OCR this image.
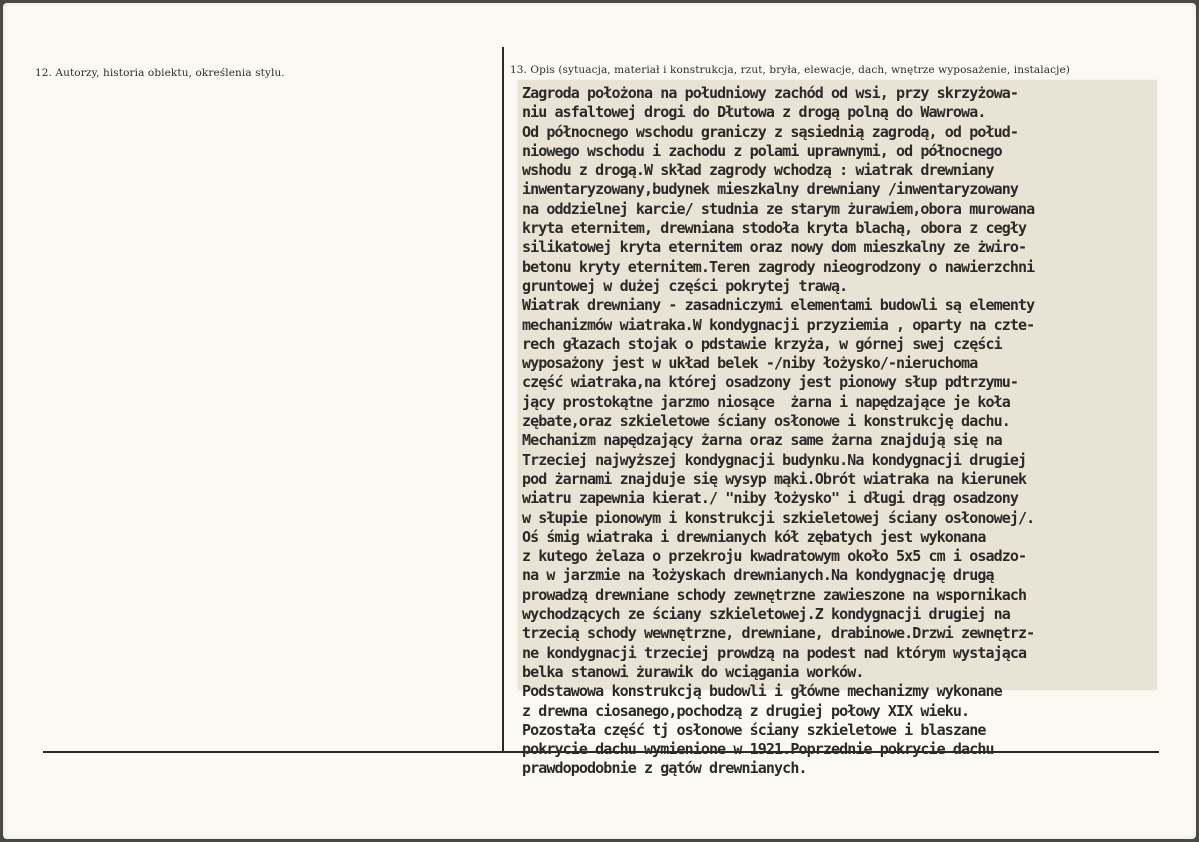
12. Autorzy, historia obiektu, określenia stylu.	13. Opis (sytuacja, materiał i konstrukcja, rzut, bryła, elewacje, dach, wnętrze wyposażenie, instalacje)
Zagroda położona na południowy zachód od wsi, przy skrzyżowa-
niu asfaltowej drogi do Dłutowa z drogą polną do Wawrowa.
Od północnego wschodu graniczy z sąsiednią zagrodą, od połud-
niowego wschodu i zachodu z polami uprawnymi, od północnego
wshodu z drogą.W skład zagrody wchodzą : wiatrak drewniany
inwentaryzowany,budynek mieszkalny drewniany /inwentaryzowany
na oddzielnej karcie/ studnia ze starym żurawiem,obora murowana
kryta eternitem, drewniana stodoła kryta blachą, obora z cegły
silikatowej kryta eternitem oraz nowy dom mieszkalny ze żwiro-
betonu kryty eternitem.Teren zagrody nieogrodzony o nawierzchni
gruntowej w dużej części pokrytej trawą.
Wiatrak drewniany - zasadniczymi elementami budowli są elementy
mechanizmów wiatraka.W kondygnacji przyziemia , oparty na czte-
rech głazach stojak o pdstawie krzyża, w górnej swej części
wyposażony jest w układ belek -/niby łożysko/-nieruchoma
część wiatraka,na której osadzony jest pionowy słup pdtrzymu-
jący prostokątne jarzmo niosące  żarna i napędzające je koła
zębate,oraz szkieletowe ściany osłonowe i konstrukcję dachu.
Mechanizm napędzający żarna oraz same żarna znajdują się na
Trzeciej najwyższej kondygnacji budynku.Na kondygnacji drugiej
pod żarnami znajduje się wysyp mąki.Obrót wiatraka na kierunek
wiatru zapewnia kierat./ "niby łożysko" i długi drąg osadzony
w słupie pionowym i konstrukcji szkieletowej ściany osłonowej/.
Oś śmig wiatraka i drewnianych kół zębatych jest wykonana
z kutego żelaza o przekroju kwadratowym około 5x5 cm i osadzo-
na w jarzmie na łożyskach drewnianych.Na kondygnację drugą
prowadzą drewniane schody zewnętrzne zawieszone na wspornikach
wychodzących ze ściany szkieletowej.Z kondygnacji drugiej na
trzecią schody wewnętrzne, drewniane, drabinowe.Drzwi zewnętrz-
ne kondygnacji trzeciej prowdzą na podest nad którym wystająca
belka stanowi żurawik do wciągania worków.
Podstawowa konstrukcją budowli i główne mechanizmy wykonane
z drewna ciosanego,pochodzą z drugiej połowy XIX wieku.
Pozostała część tj osłonowe ściany szkieletowe i blaszane
pokrycie dachu wymienione w 1921.Poprzednie pokrycie dachu
prawdopodobnie z gątów drewnianych.
